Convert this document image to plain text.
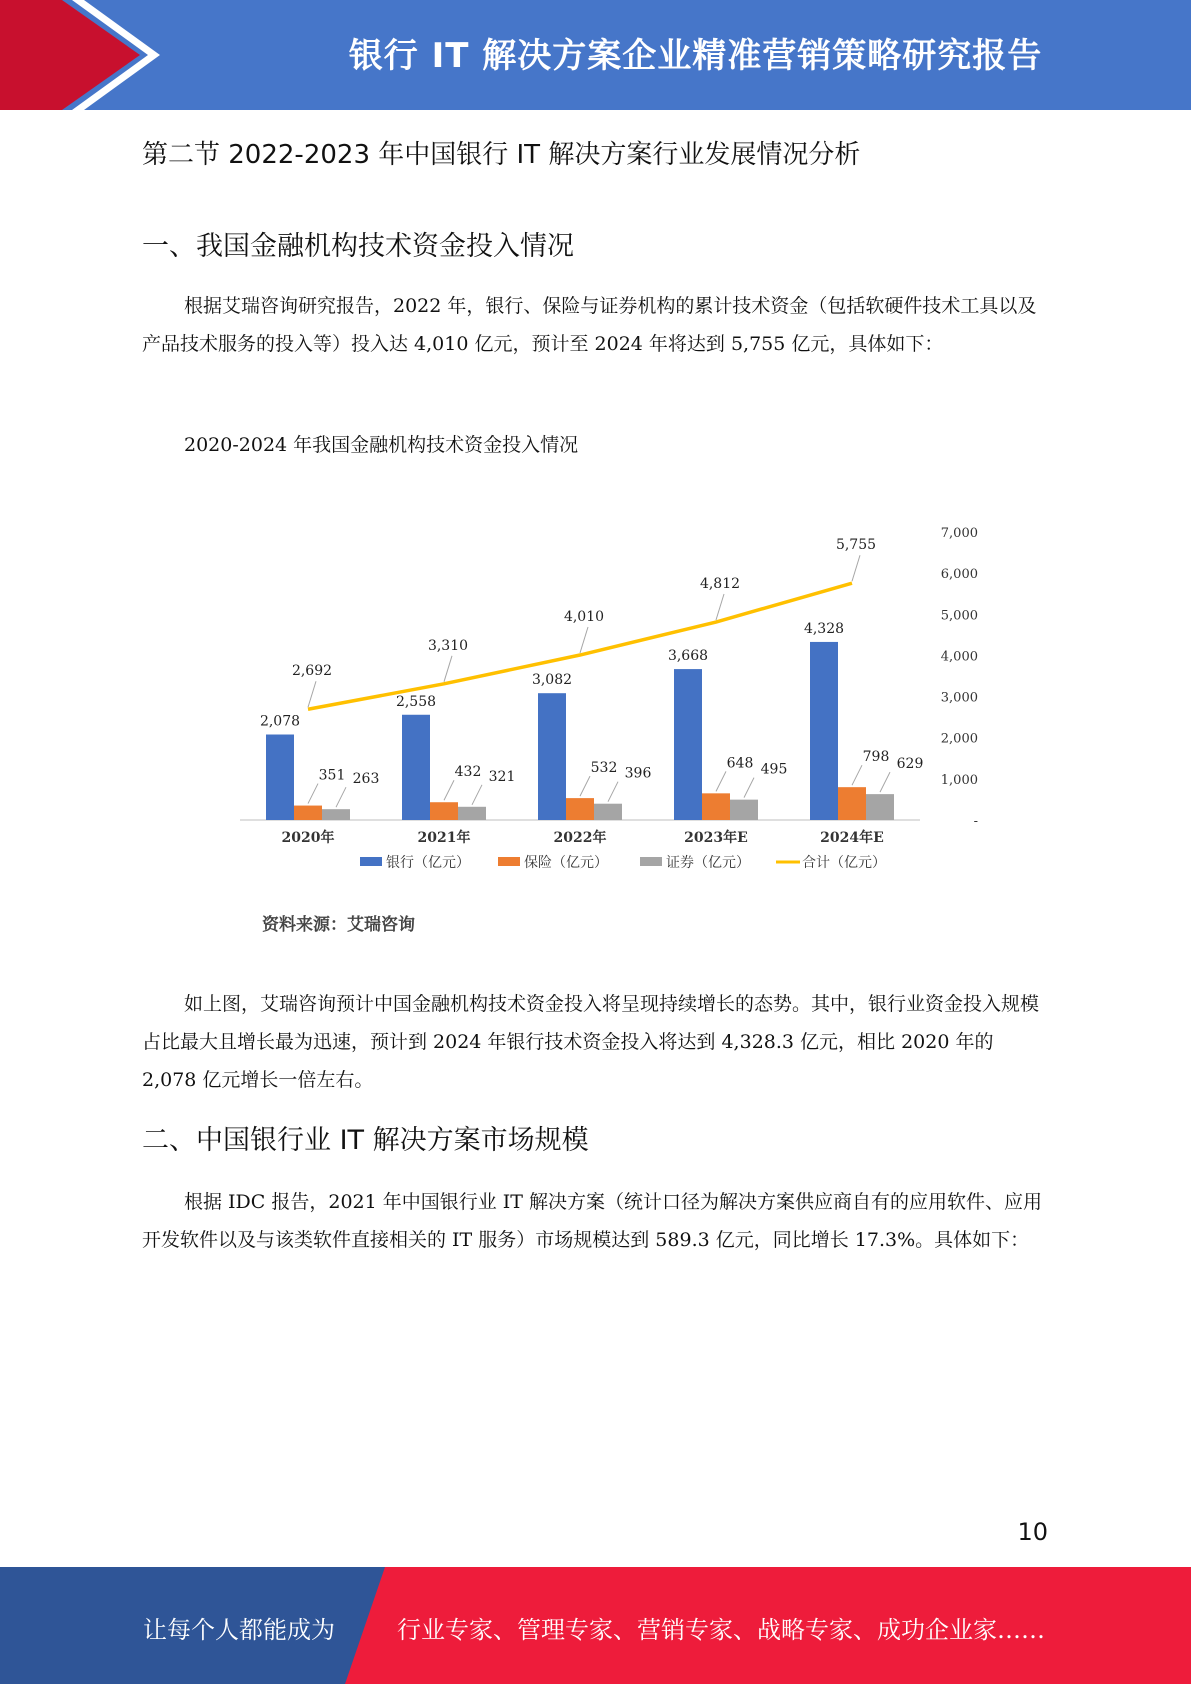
银行 IT 解决方案企业精准营销策略研究报告
第二节 2022-2023 年中国银行 IT 解决方案行业发展情况分析
一、我国金融机构技术资金投入情况
根据艾瑞咨询研究报告，2022 年，银行、保险与证券机构的累计技术资金（包括软硬件技术工具以及产品技术服务的投入等）投入达 4,010 亿元，预计至 2024 年将达到 5,755 亿元，具体如下：
2020-2024 年我国金融机构技术资金投入情况
-
1,000
2,000
3,000
4,000
5,000
6,000
7,000
2,078
351 263
2020年
2,558
432 321
2021年
3,082
532 396
2022年
3,668
648 495
2023年E
4,328
798 629
2024年E
2,692
3,310
4,010
4,812
5,755
银行（亿元）	保险（亿元）	证券（亿元）	合计（亿元）
资料来源：艾瑞咨询
如上图，艾瑞咨询预计中国金融机构技术资金投入将呈现持续增长的态势。其中，银行业资金投入规模占比最大且增长最为迅速，预计到 2024 年银行技术资金投入将达到 4,328.3 亿元，相比 2020 年的 2,078 亿元增长一倍左右。
二、中国银行业 IT 解决方案市场规模
根据 IDC 报告，2021 年中国银行业 IT 解决方案（统计口径为解决方案供应商自有的应用软件、应用开发软件以及与该类软件直接相关的 IT 服务）市场规模达到 589.3 亿元，同比增长 17.3%。具体如下：
10
让每个人都能成为	行业专家、管理专家、营销专家、战略专家、成功企业家……
